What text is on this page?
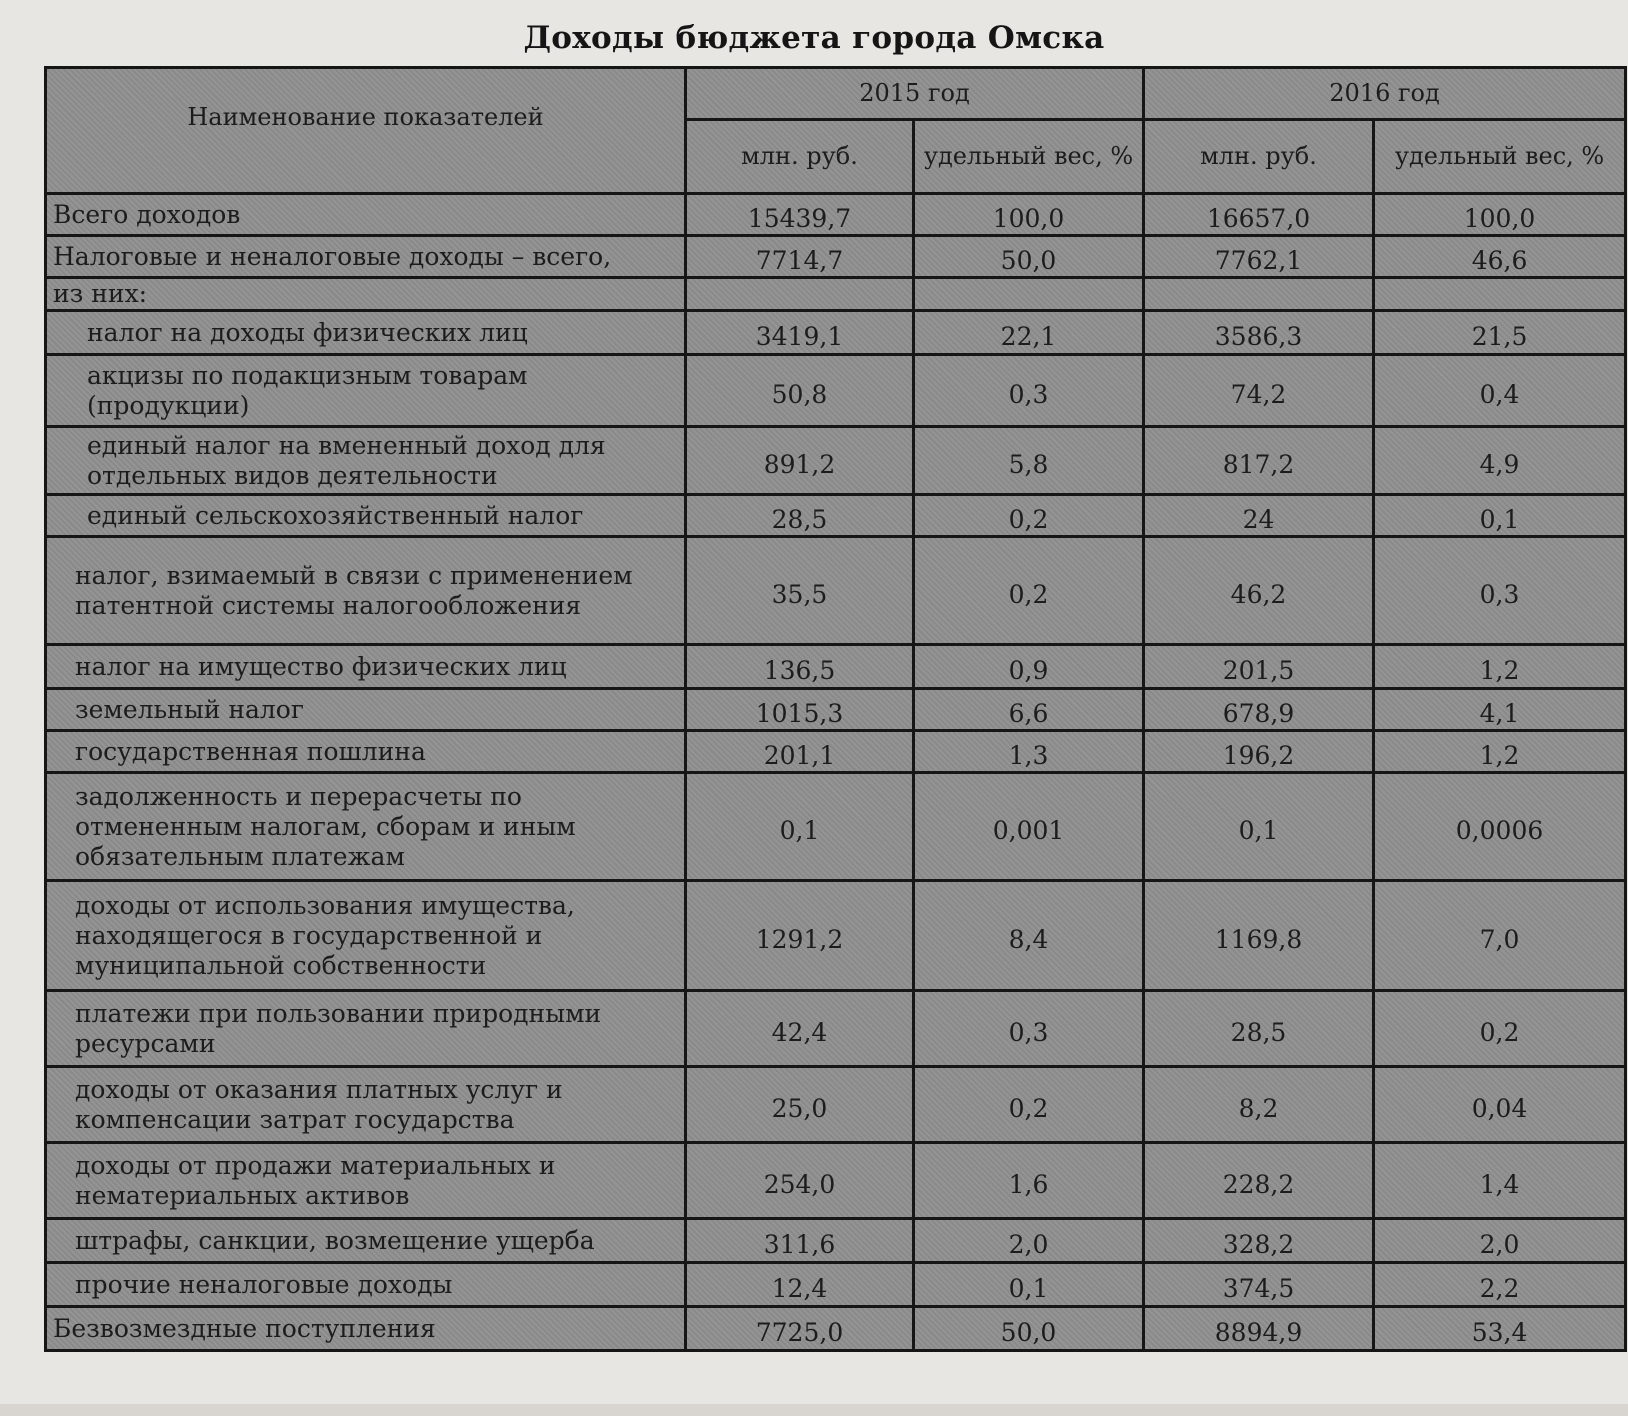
Доходы бюджета города Омска
Наименование показателей	2015 год		2016 год	
	млн. руб.	удельный вес, %	млн. руб.	удельный вес, %
Всего доходов	15439,7	100,0	16657,0	100,0
Налоговые и неналоговые доходы – всего,	7714,7	50,0	7762,1	46,6
из них:				
налог на доходы физических лиц	3419,1	22,1	3586,3	21,5
акцизы по подакцизным товарам (продукции)	50,8	0,3	74,2	0,4
единый налог на вмененный доход для отдельных видов деятельности	891,2	5,8	817,2	4,9
единый сельскохозяйственный налог	28,5	0,2	24	0,1
налог, взимаемый в связи с применением патентной системы налогообложения	35,5	0,2	46,2	0,3
налог на имущество физических лиц	136,5	0,9	201,5	1,2
земельный налог	1015,3	6,6	678,9	4,1
государственная пошлина	201,1	1,3	196,2	1,2
задолженность и перерасчеты по отмененным налогам, сборам и иным обязательным платежам	0,1	0,001	0,1	0,0006
доходы от использования имущества, находящегося в государственной и муниципальной собственности	1291,2	8,4	1169,8	7,0
платежи при пользовании природными ресурсами	42,4	0,3	28,5	0,2
доходы от оказания платных услуг и компенсации затрат государства	25,0	0,2	8,2	0,04
доходы от продажи материальных и нематериальных активов	254,0	1,6	228,2	1,4
штрафы, санкции, возмещение ущерба	311,6	2,0	328,2	2,0
прочие неналоговые доходы	12,4	0,1	374,5	2,2
Безвозмездные поступления	7725,0	50,0	8894,9	53,4
